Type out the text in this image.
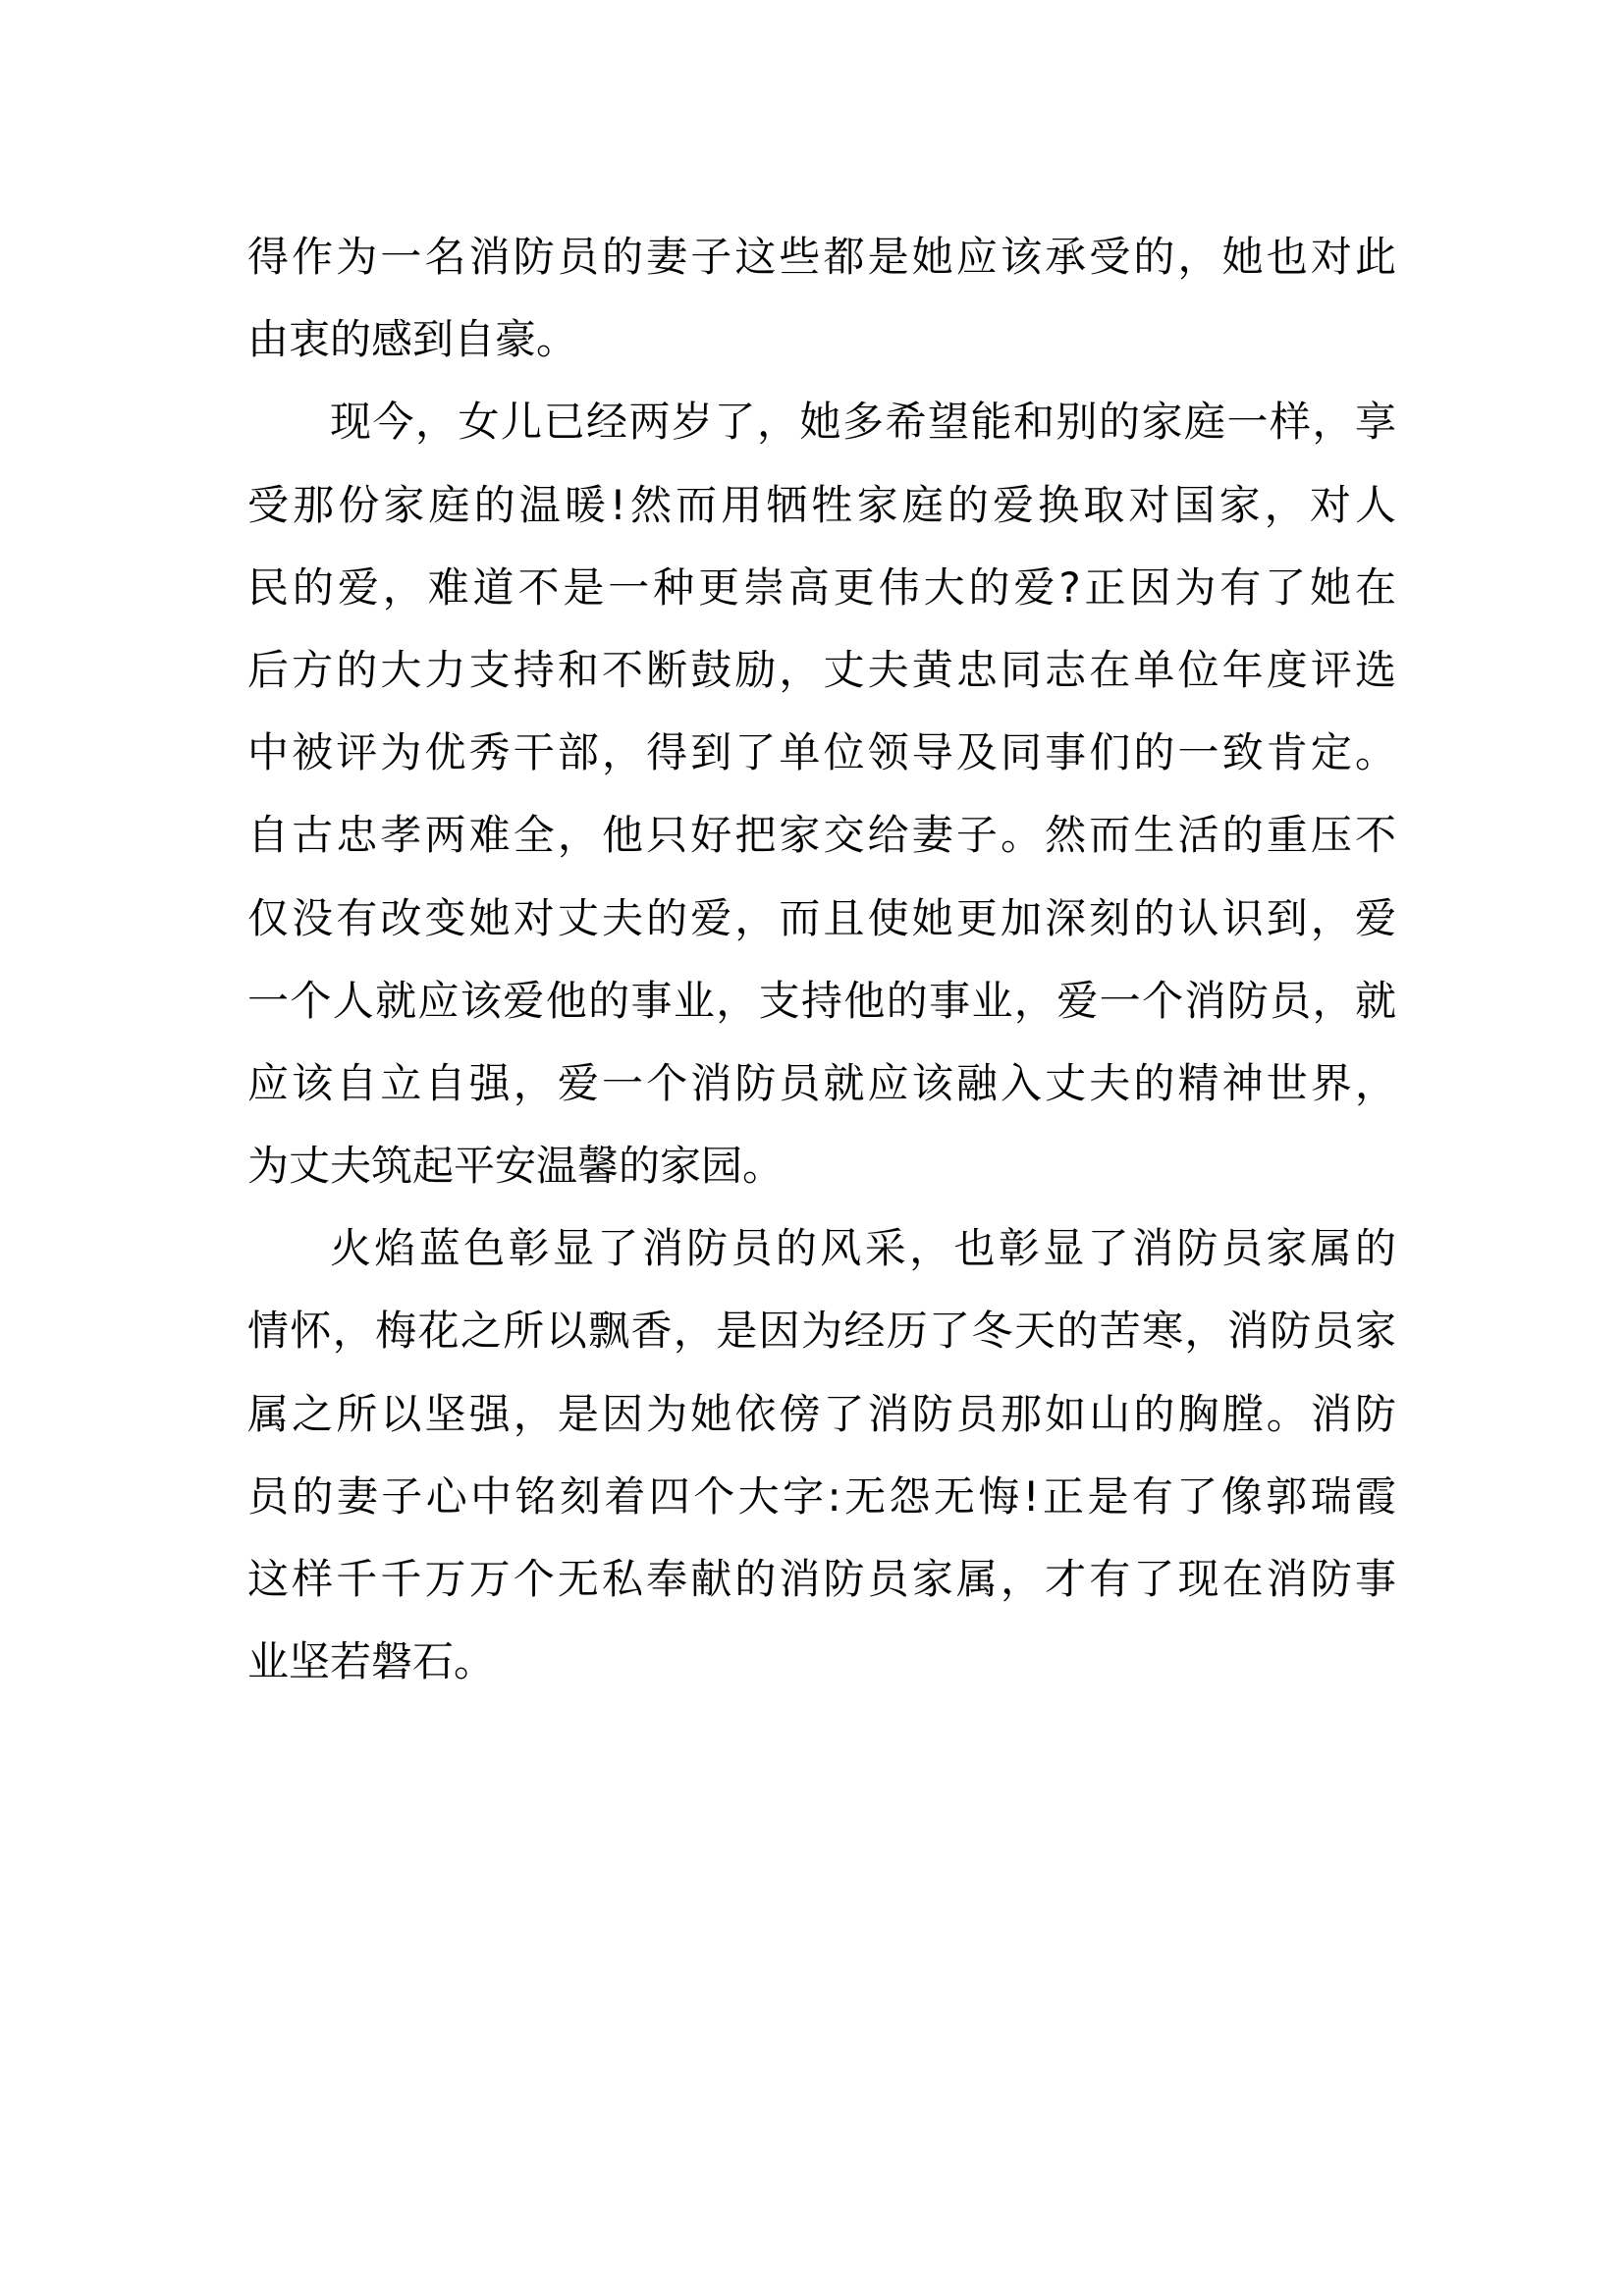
得作为一名消防员的妻子这些都是她应该承受的，她也对此
由衷的感到自豪。
现今，女儿已经两岁了，她多希望能和别的家庭一样，享
受那份家庭的温暖!然而用牺牲家庭的爱换取对国家，对人
民的爱，难道不是一种更崇高更伟大的爱?正因为有了她在
后方的大力支持和不断鼓励，丈夫黄忠同志在单位年度评选
中被评为优秀干部，得到了单位领导及同事们的一致肯定。
自古忠孝两难全，他只好把家交给妻子。然而生活的重压不
仅没有改变她对丈夫的爱，而且使她更加深刻的认识到，爱
一个人就应该爱他的事业，支持他的事业，爱一个消防员，就
应该自立自强，爱一个消防员就应该融入丈夫的精神世界，
为丈夫筑起平安温馨的家园。
火焰蓝色彰显了消防员的风采，也彰显了消防员家属的
情怀，梅花之所以飘香，是因为经历了冬天的苦寒，消防员家
属之所以坚强，是因为她依傍了消防员那如山的胸膛。消防
员的妻子心中铭刻着四个大字:无怨无悔!正是有了像郭瑞霞
这样千千万万个无私奉献的消防员家属，才有了现在消防事
业坚若磐石。
